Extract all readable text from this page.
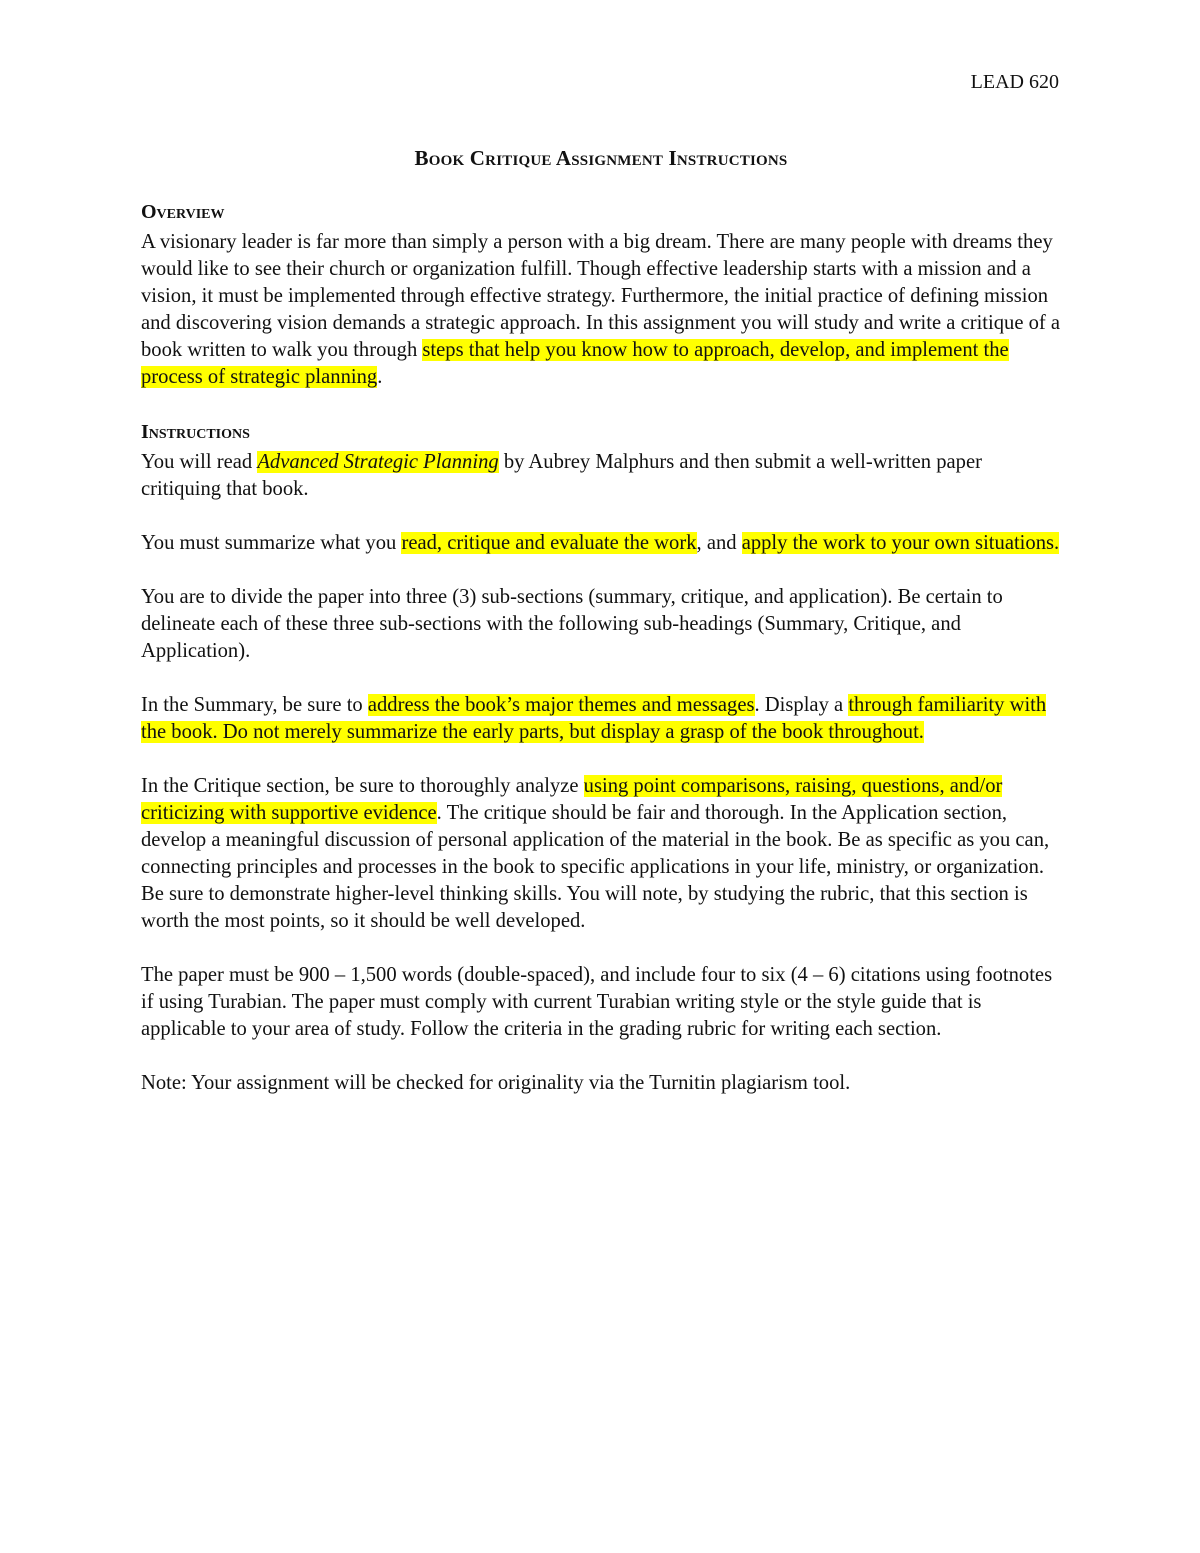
LEAD 620
Book Critique Assignment Instructions
Overview

A visionary leader is far more than simply a person with a big dream. There are many people with dreams they would like to see their church or organization fulfill. Though effective leadership starts with a mission and a vision, it must be implemented through effective strategy. Furthermore, the initial practice of defining mission and discovering vision demands a strategic approach. In this assignment you will study and write a critique of a book written to walk you through steps that help you know how to approach, develop, and implement the process of strategic planning.

Instructions

You will read Advanced Strategic Planning by Aubrey Malphurs and then submit a well-written paper critiquing that book.

You must summarize what you read, critique and evaluate the work, and apply the work to your own situations.

You are to divide the paper into three (3) sub-sections (summary, critique, and application). Be certain to delineate each of these three sub-sections with the following sub-headings (Summary, Critique, and Application).

In the Summary, be sure to address the book’s major themes and messages. Display a through familiarity with the book. Do not merely summarize the early parts, but display a grasp of the book throughout.

In the Critique section, be sure to thoroughly analyze using point comparisons, raising, questions, and/or criticizing with supportive evidence. The critique should be fair and thorough. In the Application section, develop a meaningful discussion of personal application of the material in the book. Be as specific as you can, connecting principles and processes in the book to specific applications in your life, ministry, or organization. Be sure to demonstrate higher-level thinking skills. You will note, by studying the rubric, that this section is worth the most points, so it should be well developed.

The paper must be 900 – 1,500 words (double-spaced), and include four to six (4 – 6) citations using footnotes if using Turabian. The paper must comply with current Turabian writing style or the style guide that is applicable to your area of study. Follow the criteria in the grading rubric for writing each section.

Note: Your assignment will be checked for originality via the Turnitin plagiarism tool.
